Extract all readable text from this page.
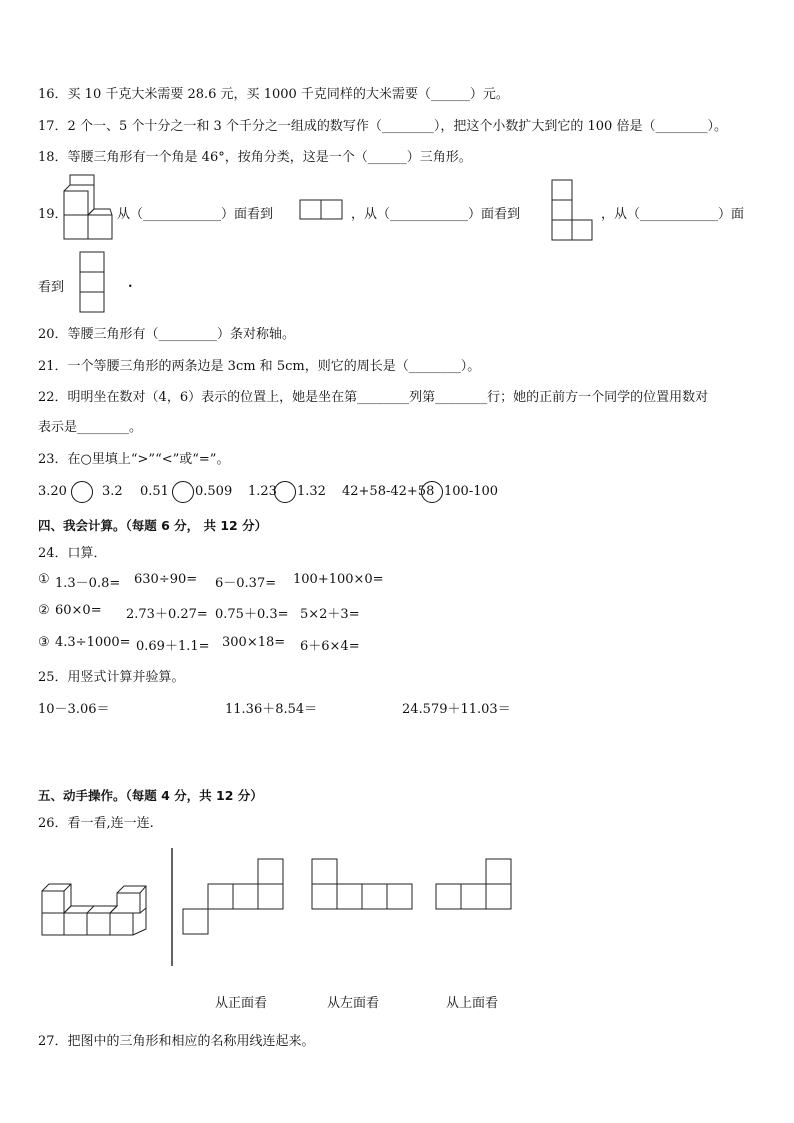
16．买 10 千克大米需要 28.6 元，买 1000 千克同样的大米需要（______）元。
17．2 个一、5 个十分之一和 3 个千分之一组成的数写作（________），把这个小数扩大到它的 100 倍是（________）。
18．等腰三角形有一个角是 46°，按角分类，这是一个（______）三角形。
19．	从（____________）面看到	，从（____________）面看到	，从（____________）面
看到	.
20．等腰三角形有（_________）条对称轴。
21．一个等腰三角形的两条边是 3cm 和 5cm，则它的周长是（________）。
22．明明坐在数对（4，6）表示的位置上，她是坐在第________列第________行；她的正前方一个同学的位置用数对
表示是________。
23．在○里填上“>”“<”或“=”。
3.20	3.2 0.51 0.509 1.23 1.32 42+58-42+58 100-100
四、我会计算。（每题 6 分， 共 12 分）
24．口算．
① 1.3－0.8= 630÷90= 6－0.37= 100+100×0=
② 60×0= 2.73＋0.27= 0.75＋0.3= 5×2＋3=
③ 4.3÷1000= 0.69＋1.1= 300×18= 6＋6×4=
25．用竖式计算并验算。
10－3.06＝	11.36＋8.54＝	24.579＋11.03＝
五、动手操作。（每题 4 分，共 12 分）
26．看一看,连一连.
从正面看	从左面看	从上面看
27．把图中的三角形和相应的名称用线连起来。
